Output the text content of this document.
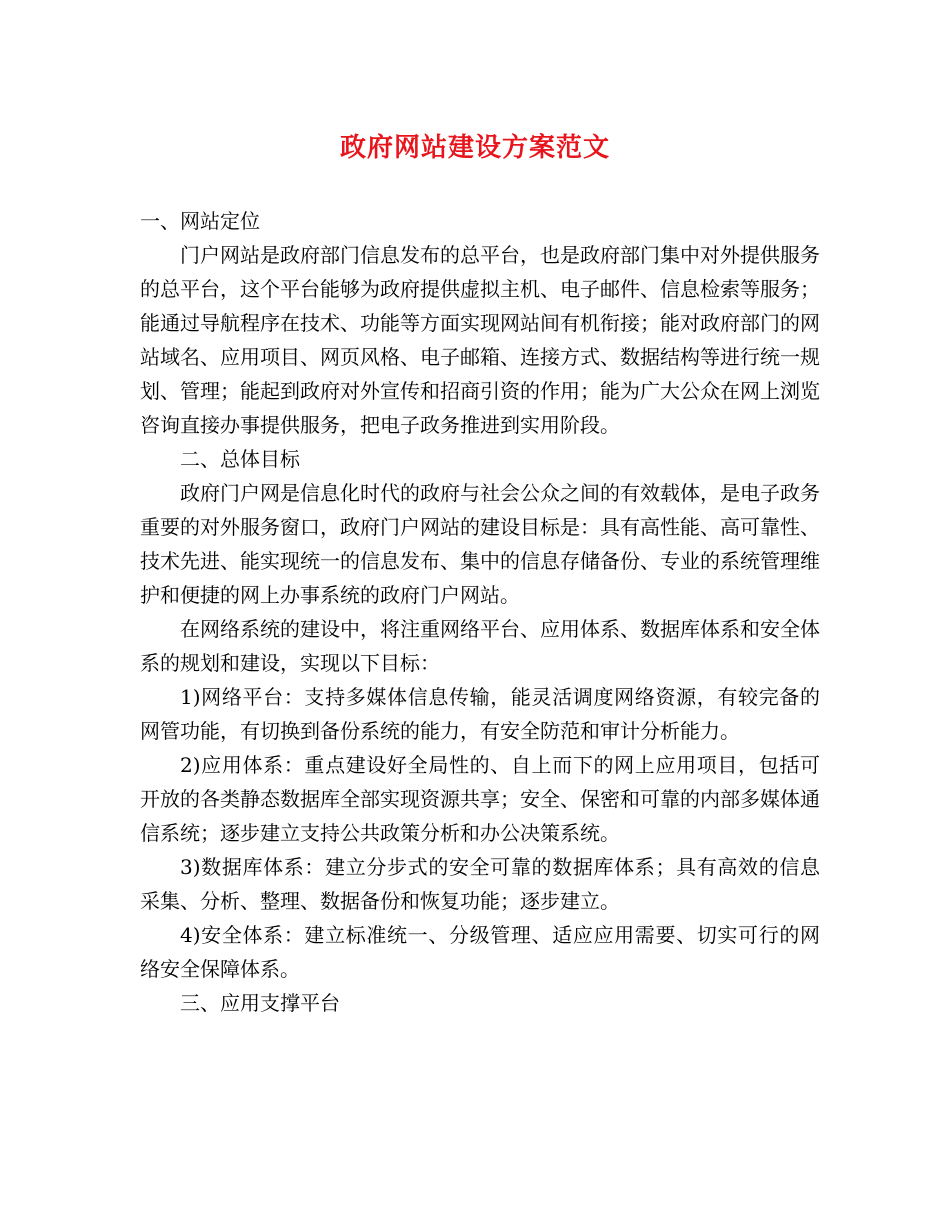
政府网站建设方案范文

一、网站定位

门户网站是政府部门信息发布的总平台，也是政府部门集中对外提供服务的总平台，这个平台能够为政府提供虚拟主机、电子邮件、信息检索等服务；能通过导航程序在技术、功能等方面实现网站间有机衔接；能对政府部门的网站域名、应用项目、网页风格、电子邮箱、连接方式、数据结构等进行统一规划、管理；能起到政府对外宣传和招商引资的作用；能为广大公众在网上浏览咨询直接办事提供服务，把电子政务推进到实用阶段。

二、总体目标

政府门户网是信息化时代的政府与社会公众之间的有效载体，是电子政务重要的对外服务窗口，政府门户网站的建设目标是：具有高性能、高可靠性、技术先进、能实现统一的信息发布、集中的信息存储备份、专业的系统管理维护和便捷的网上办事系统的政府门户网站。

在网络系统的建设中，将注重网络平台、应用体系、数据库体系和安全体系的规划和建设，实现以下目标：

1)网络平台：支持多媒体信息传输，能灵活调度网络资源，有较完备的网管功能，有切换到备份系统的能力，有安全防范和审计分析能力。

2)应用体系：重点建设好全局性的、自上而下的网上应用项目，包括可开放的各类静态数据库全部实现资源共享；安全、保密和可靠的内部多媒体通信系统；逐步建立支持公共政策分析和办公决策系统。

3)数据库体系：建立分步式的安全可靠的数据库体系；具有高效的信息采集、分析、整理、数据备份和恢复功能；逐步建立。

4)安全体系：建立标准统一、分级管理、适应应用需要、切实可行的网络安全保障体系。

三、应用支撑平台
